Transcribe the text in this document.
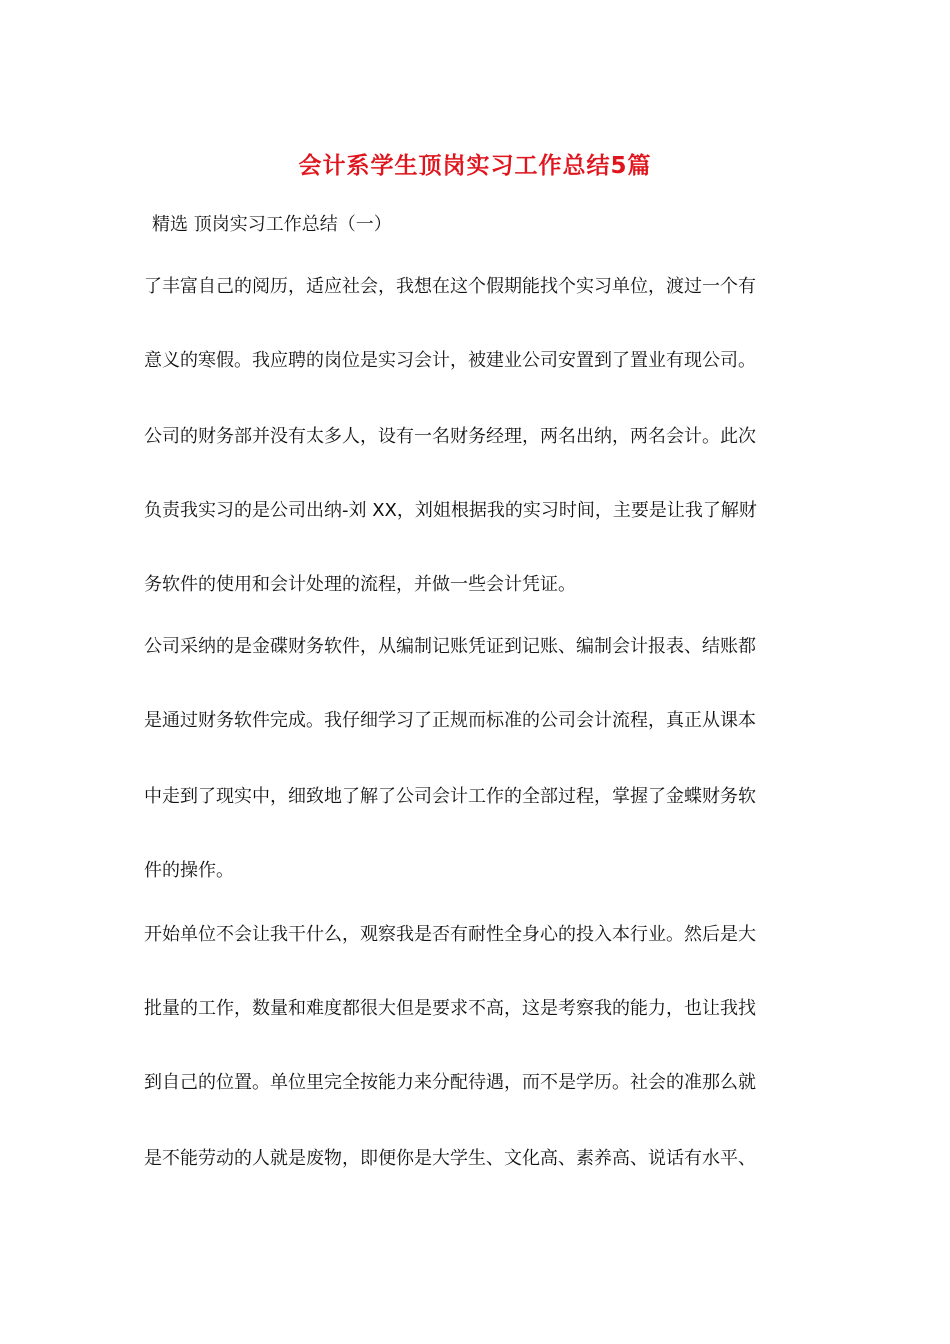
会计系学生顶岗实习工作总结5篇
精选 顶岗实习工作总结（一）
了丰富自己的阅历，适应社会，我想在这个假期能找个实习单位，渡过一个有
意义的寒假。我应聘的岗位是实习会计，被建业公司安置到了置业有现公司。
公司的财务部并没有太多人，设有一名财务经理，两名出纳，两名会计。此次
负责我实习的是公司出纳-刘 XX，刘姐根据我的实习时间，主要是让我了解财
务软件的使用和会计处理的流程，并做一些会计凭证。
公司采纳的是金碟财务软件，从编制记账凭证到记账、编制会计报表、结账都
是通过财务软件完成。我仔细学习了正规而标准的公司会计流程，真正从课本
中走到了现实中，细致地了解了公司会计工作的全部过程，掌握了金蝶财务软
件的操作。
开始单位不会让我干什么，观察我是否有耐性全身心的投入本行业。然后是大
批量的工作，数量和难度都很大但是要求不高，这是考察我的能力，也让我找
到自己的位置。单位里完全按能力来分配待遇，而不是学历。社会的准那么就
是不能劳动的人就是废物，即便你是大学生、文化高、素养高、说话有水平、
